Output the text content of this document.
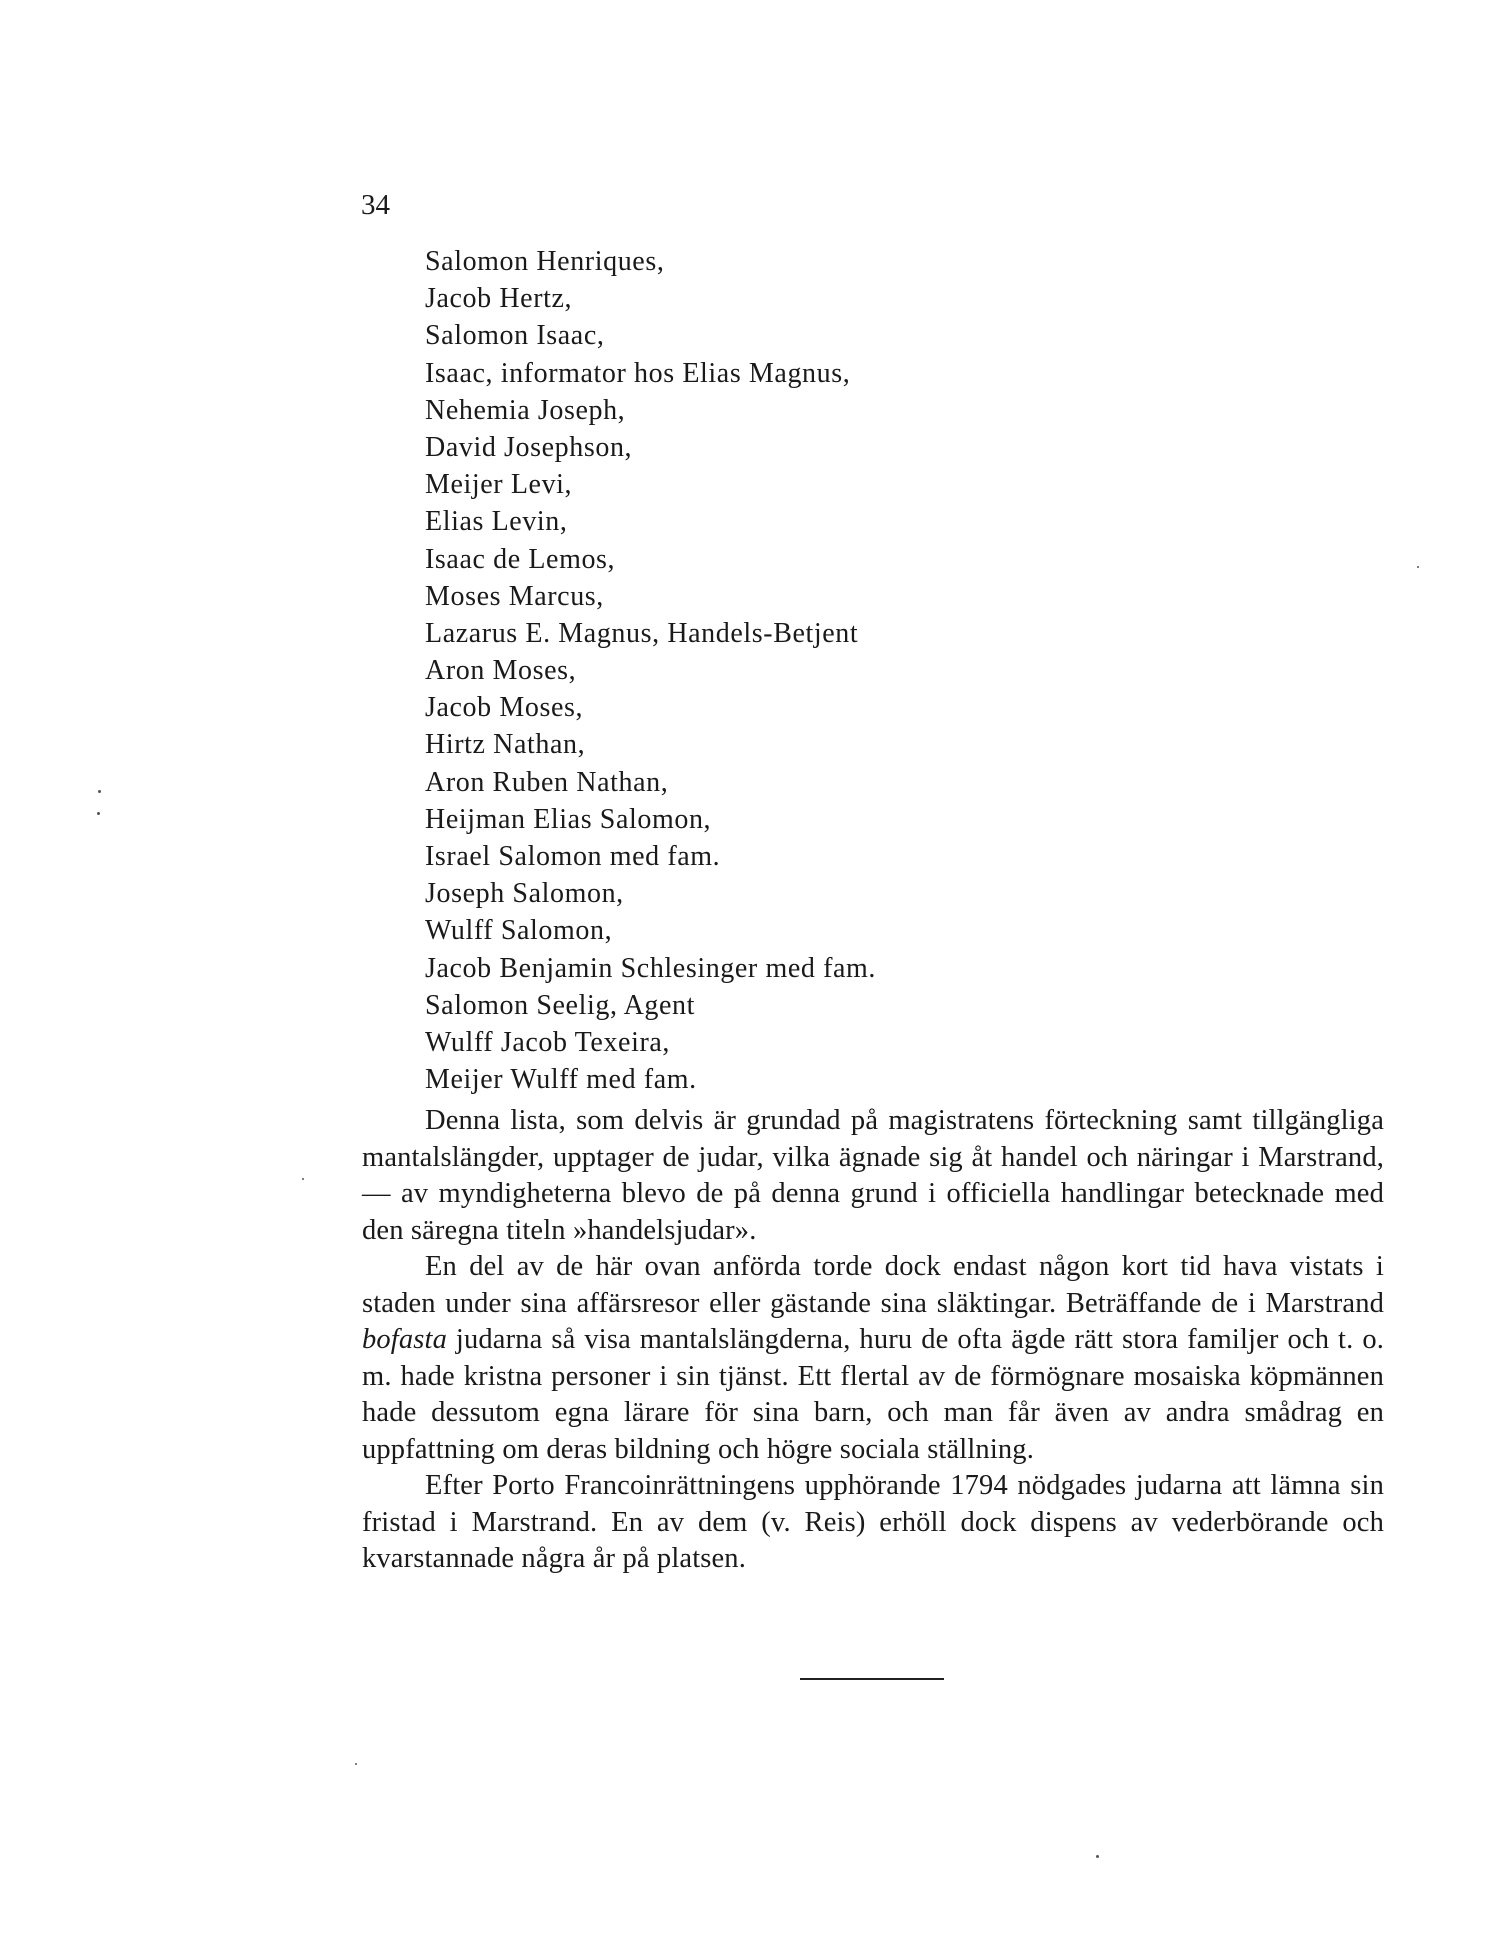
34
Salomon Henriques,
Jacob Hertz,
Salomon Isaac,
Isaac, informator hos Elias Magnus,
Nehemia Joseph,
David Josephson,
Meijer Levi,
Elias Levin,
Isaac de Lemos,
Moses Marcus,
Lazarus E. Magnus, Handels-Betjent
Aron Moses,
Jacob Moses,
Hirtz Nathan,
Aron Ruben Nathan,
Heijman Elias Salomon,
Israel Salomon med fam.
Joseph Salomon,
Wulff Salomon,
Jacob Benjamin Schlesinger med fam.
Salomon Seelig, Agent
Wulff Jacob Texeira,
Meijer Wulff med fam.

Denna lista, som delvis är grundad på magistratens förteckning samt tillgängliga mantalslängder, upptager de judar, vilka ägnade sig åt handel och näringar i Marstrand, — av myndigheterna blevo de på denna grund i officiella handlingar betecknade med den säregna titeln »handelsjudar».

En del av de här ovan anförda torde dock endast någon kort tid hava vistats i staden under sina affärsresor eller gästande sina släktingar. Beträffande de i Marstrand bofasta judarna så visa mantalslängderna, huru de ofta ägde rätt stora familjer och t. o. m. hade kristna personer i sin tjänst. Ett flertal av de förmögnare mosaiska köpmännen hade dessutom egna lärare för sina barn, och man får även av andra smådrag en uppfattning om deras bildning och högre sociala ställning.

Efter Porto Francoinrättningens upphörande 1794 nödgades judarna att lämna sin fristad i Marstrand. En av dem (v. Reis) erhöll dock dispens av vederbörande och kvarstannade några år på platsen.
